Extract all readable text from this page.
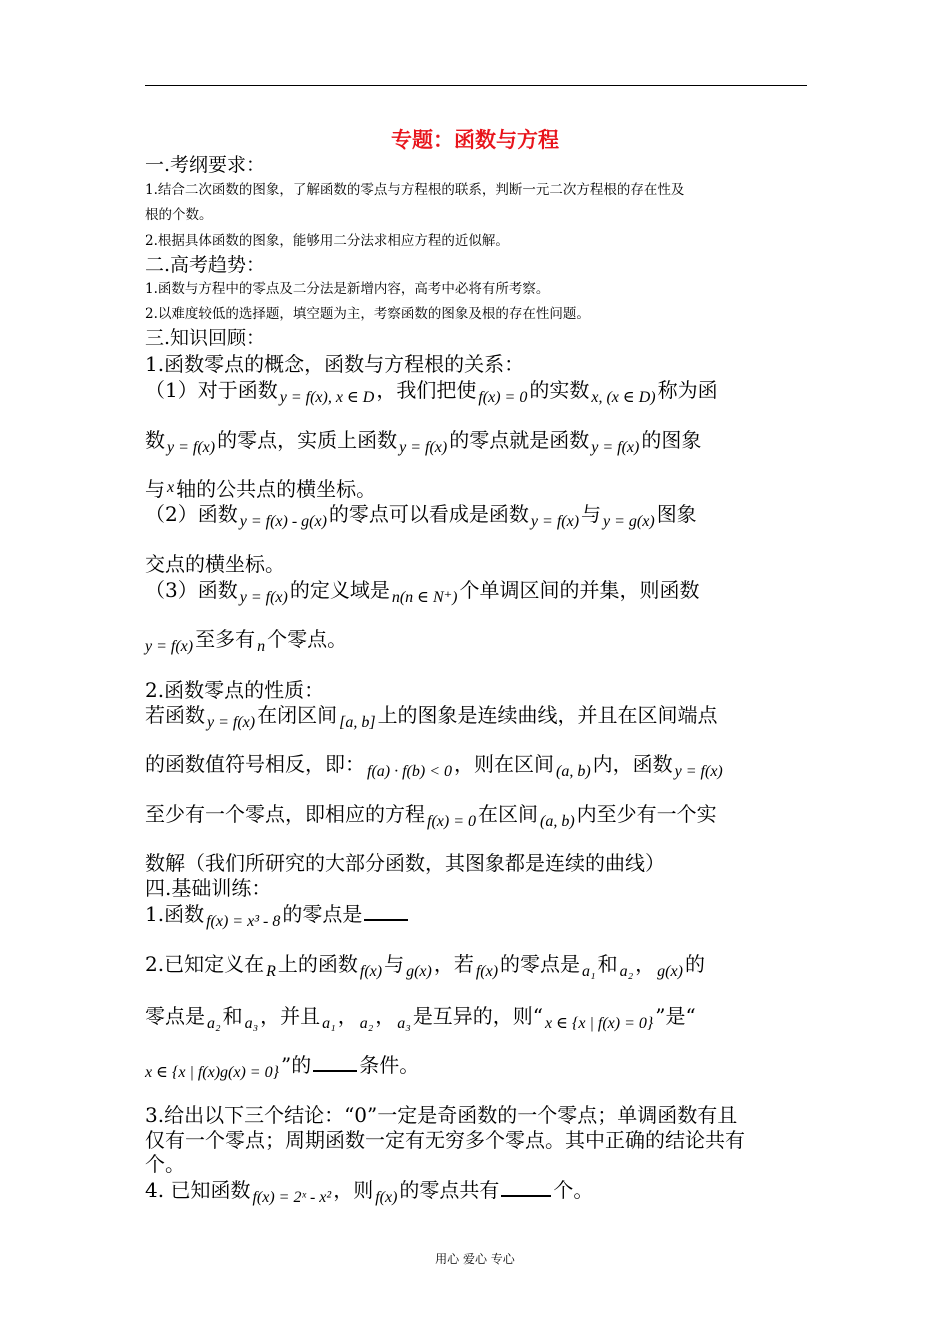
专题：函数与方程
一.考纲要求：
1.结合二次函数的图象，了解函数的零点与方程根的联系，判断一元二次方程根的存在性及
根的个数。
2.根据具体函数的图象，能够用二分法求相应方程的近似解。
二.高考趋势：
1.函数与方程中的零点及二分法是新增内容，高考中必将有所考察。
2.以难度较低的选择题，填空题为主，考察函数的图象及根的存在性问题。
三.知识回顾：
1.函数零点的概念，函数与方程根的关系：
（1）对于函数 $_{y = f(x), x \in D}$ ，我们把使 $_{f(x) = 0}$ 的实数 $_{x, (x \in D)}$ 称为函
数 $_{y = f(x)}$ 的零点，实质上函数 $_{y = f(x)}$ 的零点就是函数 $_{y = f(x)}$ 的图象
与 $^x$ 轴的公共点的横坐标。
（2）函数 $_{y = f(x) - g(x)}$ 的零点可以看成是函数 $_{y = f(x)}$ 与 $_{y = g(x)}$ 图象
交点的横坐标。
（3）函数 $_{y = f(x)}$ 的定义域是 $_{n(n \in N^+)}$ 个单调区间的并集，则函数
$_{y = f(x)}$ 至多有 $_n$ 个零点。
2.函数零点的性质：
若函数 $_{y = f(x)}$ 在闭区间 $_{[a, b]}$ 上的图象是连续曲线，并且在区间端点
的函数值符号相反，即： $_{f(a) \cdot f(b) < 0}$ ，则在区间 $_{(a, b)}$ 内，函数 $_{y = f(x)}$
至少有一个零点，即相应的方程 $_{f(x) = 0}$ 在区间 $_{(a, b)}$ 内至少有一个实
数解（我们所研究的大部分函数，其图象都是连续的曲线）
四.基础训练：
1.函数 $_{f(x) = x^3 - 8}$ 的零点是
2.已知定义在 $_R$ 上的函数 $_{f(x)}$ 与 $_{g(x)}$ ，若 $_{f(x)}$ 的零点是 $_{a_1}$ 和 $_{a_2}$ ， $_{g(x)}$ 的
零点是 $_{a_2}$ 和 $_{a_3}$ ，并且 $_{a_1}$ ， $_{a_2}$ ， $_{a_3}$ 是互异的，则“ $_{x \in \{x | f(x) = 0\}}$ ”是“
$_{x \in \{x | f(x)g(x) = 0\}}$ ”的 条件。
3.给出以下三个结论：“0”一定是奇函数的一个零点；单调函数有且
仅有一个零点；周期函数一定有无穷多个零点。其中正确的结论共有
个。
4. 已知函数 $_{f(x) = 2ˣ - x^2}$ ，则 $_{f(x)}$ 的零点共有	个。
用心 爱心 专心
